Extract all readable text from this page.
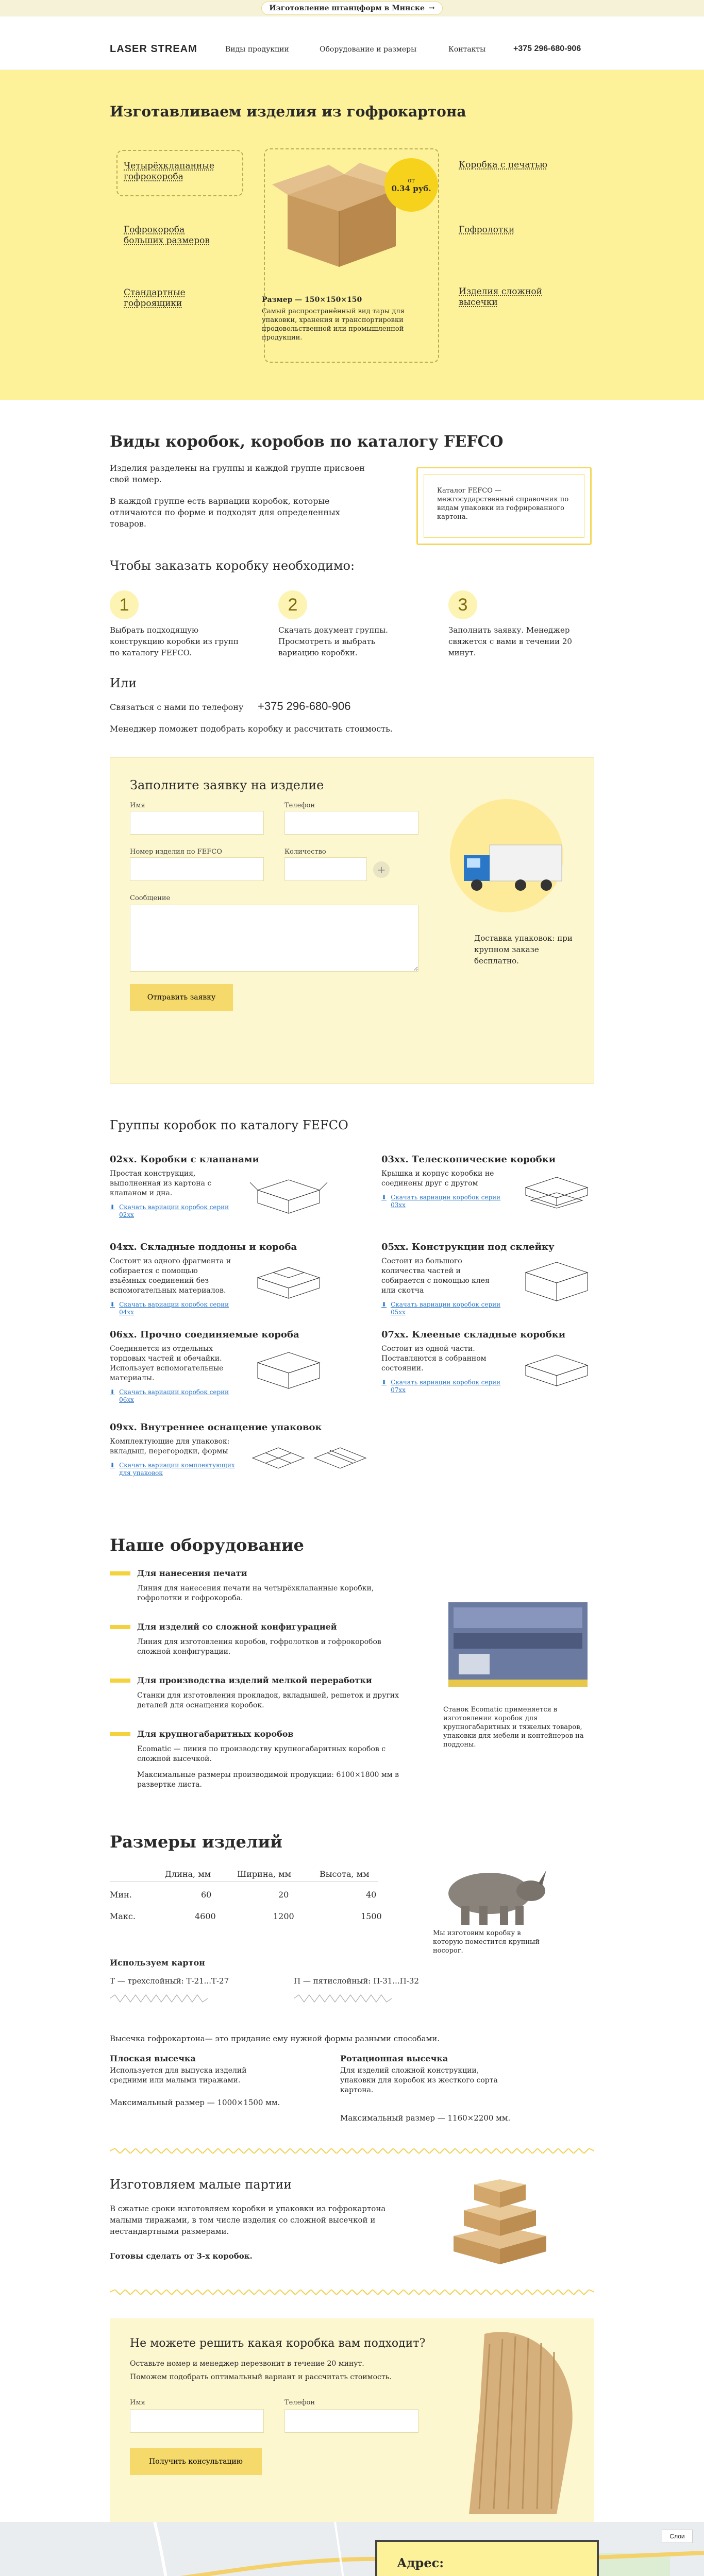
Изготовление штанцформ в Минске →
LASER STREAM	Виды продукции	Оборудование и размеры	Контакты	+375 296-680-906
Изготавливаем изделия из гофрокартона
Четырёхклапанные
гофрокороба
Гофрокороба
больших размеров
Стандартные
гофроящики
Коробка с печатью
Гофролотки
Изделия сложной
высечки
от
0.34 руб.
Размер — 150×150×150
Самый распространённый вид тары для упаковки, хранения и транспортировки продовольственной или промышленной продукции.
Виды коробок, коробов по каталогу FEFCO
Изделия разделены на группы и каждой группе присвоен свой номер.
В каждой группе есть вариации коробок, которые отличаются по форме и подходят для определенных товаров.
Каталог FEFCO — межгосударственный справочник по видам упаковки из гофрированного картона.
Чтобы заказать коробку необходимо:
1
Выбрать подходящую конструкцию коробки из групп по каталогу FEFCO.
2
Скачать документ группы. Просмотреть и выбрать вариацию коробки.
3
Заполнить заявку. Менеджер свяжется с вами в течении 20 минут.
Или
Связаться с нами по телефону +375 296-680-906
Менеджер поможет подобрать коробку и рассчитать стоимость.
Заполните заявку на изделие
Имя	Телефон
Номер изделия по FEFCO	Количество
+
Сообщение
Отправить заявку
Доставка упаковок: при крупном заказе бесплатно.
Группы коробок по каталогу FEFCO
02хх. Коробки с клапанами
Простая конструкция, выполненная из картона с клапаном и дна.
⬇ Скачать вариации коробок серии 02хх
03хх. Телескопические коробки
Крышка и корпус коробки не соединены друг с другом
⬇ Скачать вариации коробок серии 03хх
04хх. Складные поддоны и короба
Состоит из одного фрагмента и собирается с помощью взьёмных соединений без вспомогательных материалов.
⬇ Скачать вариации коробок серии 04хх
05хх. Конструкции под склейку
Состоит из большого количества частей и собирается с помощью клея или скотча
⬇ Скачать вариации коробок серии 05хх
06хх. Прочно соединяемые короба
Соединяется из отдельных торцовых частей и обечайки. Использует вспомогательные материалы.
⬇ Скачать вариации коробок серии 06хх
07хх. Клееные складные коробки
Состоит из одной части. Поставляются в собранном состоянии.
⬇ Скачать вариации коробок серии 07хх
09хх. Внутреннее оснащение упаковок
Комплектующие для упаковок: вкладыш, перегородки, формы
⬇ Скачать вариации комплектующих для упаковок
Наше оборудование
Для нанесения печати
Линия для нанесения печати на четырёхклапанные коробки, гофролотки и гофрокороба.
Для изделий со сложной конфигурацией
Линия для изготовления коробов, гофролотков и гофрокоробов сложной конфигурации.
Для производства изделий мелкой переработки
Станки для изготовления прокладок, вкладышей, решеток и других деталей для оснащения коробок.
Для крупногабаритных коробов
Ecomatic — линия по производству крупногабаритных коробов с сложной высечкой.
Максимальные размеры производимой продукции: 6100×1800 мм в развертке листа.
Станок Ecomatic применяется в изготовлении коробок для крупногабаритных и тяжелых товаров, упаковки для мебели и контейнеров на поддоны.
Размеры изделий
Длина, мм	Ширина, мм	Высота, мм
Мин.	60	20	40
Макс.	4600	1200	1500
Мы изготовим коробку в которую поместится крупный носорог.
Используем картон
Т — трехслойный: Т-21...Т-27	П — пятислойный: П-31...П-32
Высечка гофрокартона— это придание ему нужной формы разными способами.
Плоская высечка
Используется для выпуска изделий средними или малыми тиражами.
Максимальный размер — 1000×1500 мм.
Ротационная высечка
Для изделий сложной конструкции, упаковки для коробок из жесткого сорта картона.
Максимальный размер — 1160×2200 мм.
Изготовляем малые партии
В сжатые сроки изготовляем коробки и упаковки из гофрокартона малыми тиражами, в том числе изделия со сложной высечкой и нестандартными размерами.
Готовы сделать от 3-х коробок.
Не можете решить какая коробка вам подходит?
Оставьте номер и менеджер перезвонит в течение 20 минут.
Поможем подобрать оптимальный вариант и рассчитать стоимость.
Имя	Телефон
Получить консультацию
Слои
Адрес:
